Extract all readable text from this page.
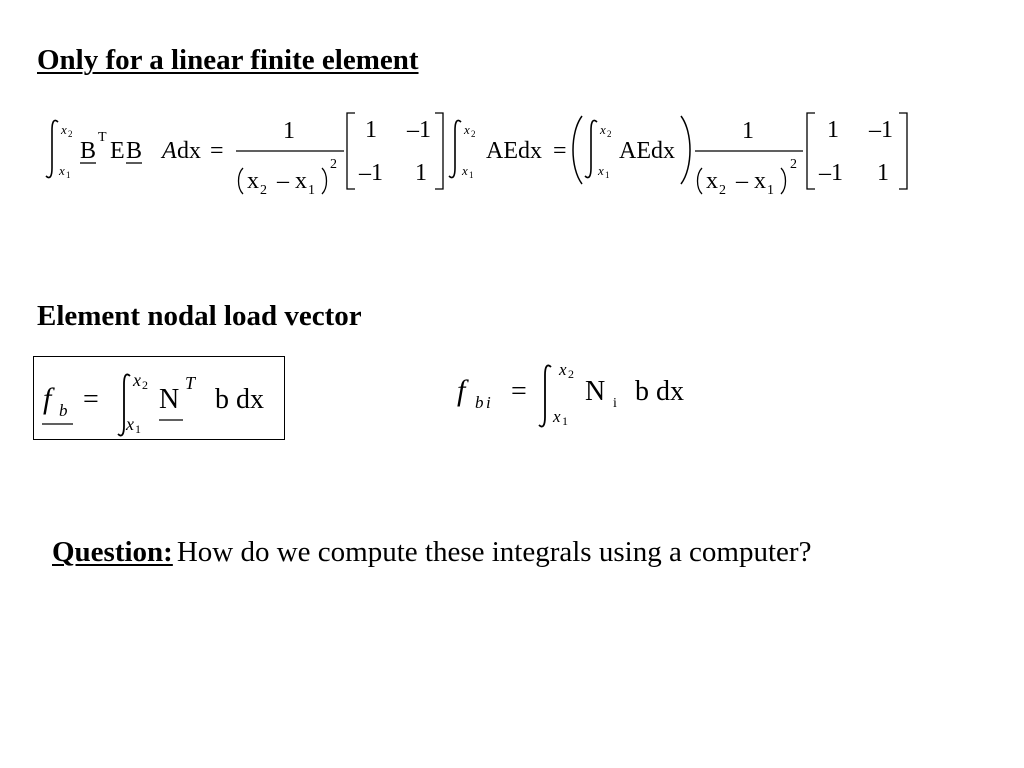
Only for a linear finite element
x 2
x 1
B
T
E B A dx =
1
x 2 – x 1
2
1 –1
–1 1
x 2
x 1
AEdx =
x 2
x 1
AEdx
1
x 2 – x 1
2
1 –1
–1 1
Element nodal load vector
f b =
x 2
x 1
N
T
b dx	f b i =
x 2
x 1
N i b dx
Question: How do we compute these integrals using a computer?
